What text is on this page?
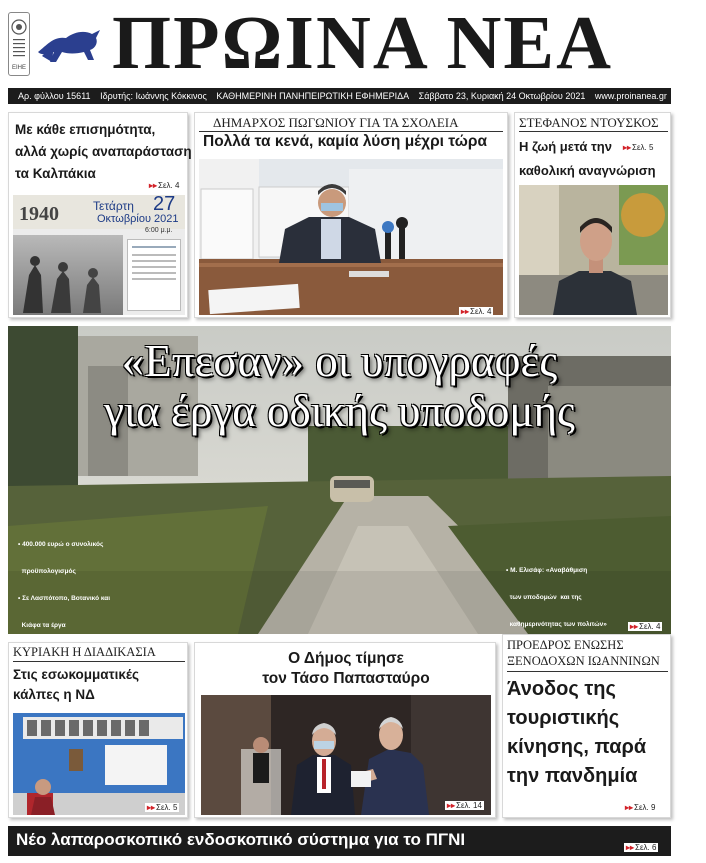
ΕΙΗΕ ΠΡΩΙΝΑ ΝΕΑ
Αρ. φύλλου 15611 Ιδρυτής: Ιωάννης Κόκκινος ΚΑΘΗΜΕΡΙΝΗ ΠΑΝΗΠΕΙΡΩΤΙΚΗ ΕΦΗΜΕΡΙΔΑ Σάββατο 23, Κυριακή 24 Οκτωβρίου 2021 www.proinanea.gr €0,50
Με κάθε επισημότητα,
αλλά χωρίς αναπαράσταση
τα Καλπάκια
▸▸Σελ. 4
1940	Τετάρτη 27
Οκτωβρίου 2021
6:00 μ.μ.
ΔΗΜΑΡΧΟΣ ΠΩΓΩΝΙΟΥ ΓΙΑ ΤΑ ΣΧΟΛΕΙΑ
Πολλά τα κενά, καμία λύση μέχρι τώρα
▸▸Σελ. 4
ΣΤΕΦΑΝΟΣ ΝΤΟΥΣΚΟΣ
Η ζωή μετά την
καθολική αναγνώριση
▸▸Σελ. 5
«Επεσαν» οι υπογραφές
για έργα οδικής υποδομής

• 400.000 ευρώ ο συνολικός

προϋπολογισμός

• Σε Λασπότοπο, Βοτανικό και

Κιάφα τα έργα

• Μ. Ελισάφ: «Αναβάθμιση

των υποδομών  και της

καθημερινότητας των πολιτών»

	▸▸Σελ. 4
ΚΥΡΙΑΚΗ Η ΔΙΑΔΙΚΑΣΙΑ
Στις εσωκομματικές
κάλπες η ΝΔ
▸▸Σελ. 5
Ο Δήμος τίμησε
τον Τάσο Παπασταύρο
▸▸Σελ. 14
ΠΡΟΕΔΡΟΣ ΕΝΩΣΗΣ
ΞΕΝΟΔΟΧΩΝ ΙΩΑΝΝΙΝΩΝ
Άνοδος της
τουριστικής
κίνησης, παρά
την πανδημία
▸▸Σελ. 9
Νέο λαπαροσκοπικό ενδοσκοπικό σύστημα για το ΠΓΝΙ	▸▸Σελ. 6
